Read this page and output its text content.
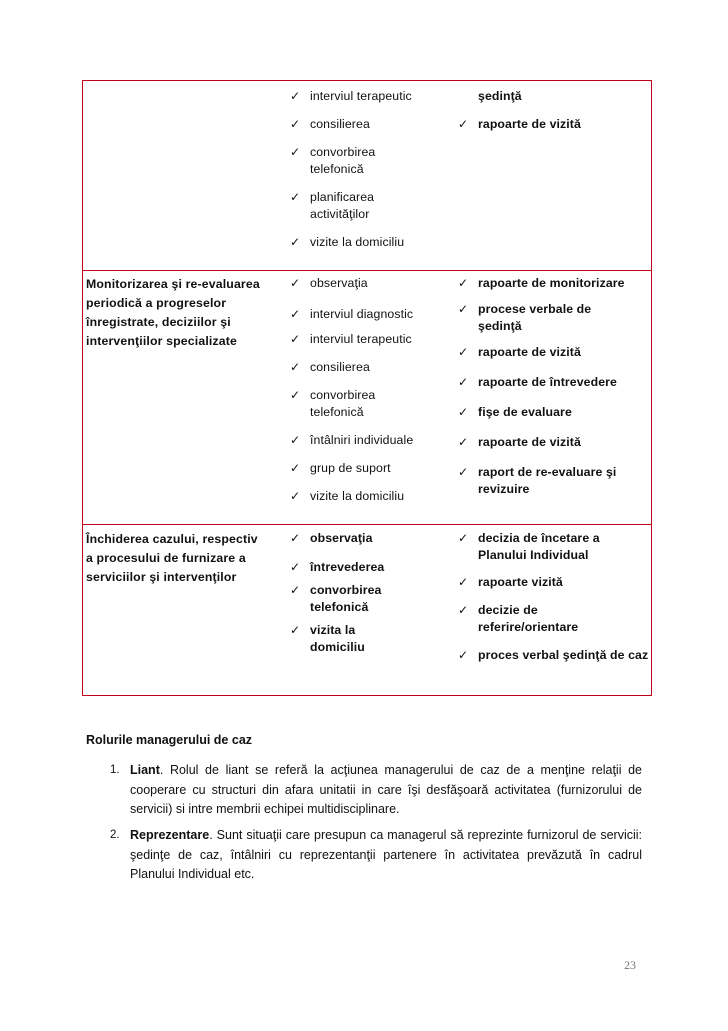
✓ interviul terapeutic
✓ consilierea
✓ convorbirea telefonică
✓ planificarea activităţilor
✓ vizite la domiciliu
şedinţă
✓ rapoarte de vizită
Monitorizarea şi re-evaluarea periodică a progreselor înregistrate, deciziilor şi intervenţiilor specializate
✓ observaţia
✓ interviul diagnostic
✓ interviul terapeutic
✓ consilierea
✓ convorbirea telefonică
✓ întâlniri individuale
✓ grup de suport
✓ vizite la domiciliu
✓ rapoarte de monitorizare
✓ procese verbale de şedinţă
✓ rapoarte de vizită
✓ rapoarte de întrevedere
✓ fişe de evaluare
✓ rapoarte de vizită
✓ raport de re-evaluare şi revizuire
Închiderea cazului, respectiv a procesului de furnizare a serviciilor şi intervenţilor
✓ observaţia
✓ întrevederea
✓ convorbirea telefonică
✓ vizita la domiciliu
✓ decizia de încetare a Planului Individual
✓ rapoarte vizită
✓ decizie de referire/orientare
✓ proces verbal şedinţă de caz
Rolurile managerului de caz
1. Liant. Rolul de liant se referă la acţiunea managerului de caz de a menţine relaţii de cooperare cu structuri din afara unitatii in care îşi desfăşoară activitatea (furnizorului de servicii) si intre membrii echipei multidisciplinare.
2. Reprezentare. Sunt situaţii care presupun ca managerul să reprezinte furnizorul de servicii: şedinţe de caz, întâlniri cu reprezentanţii partenere în activitatea prevăzută în cadrul Planului Individual etc.
23
